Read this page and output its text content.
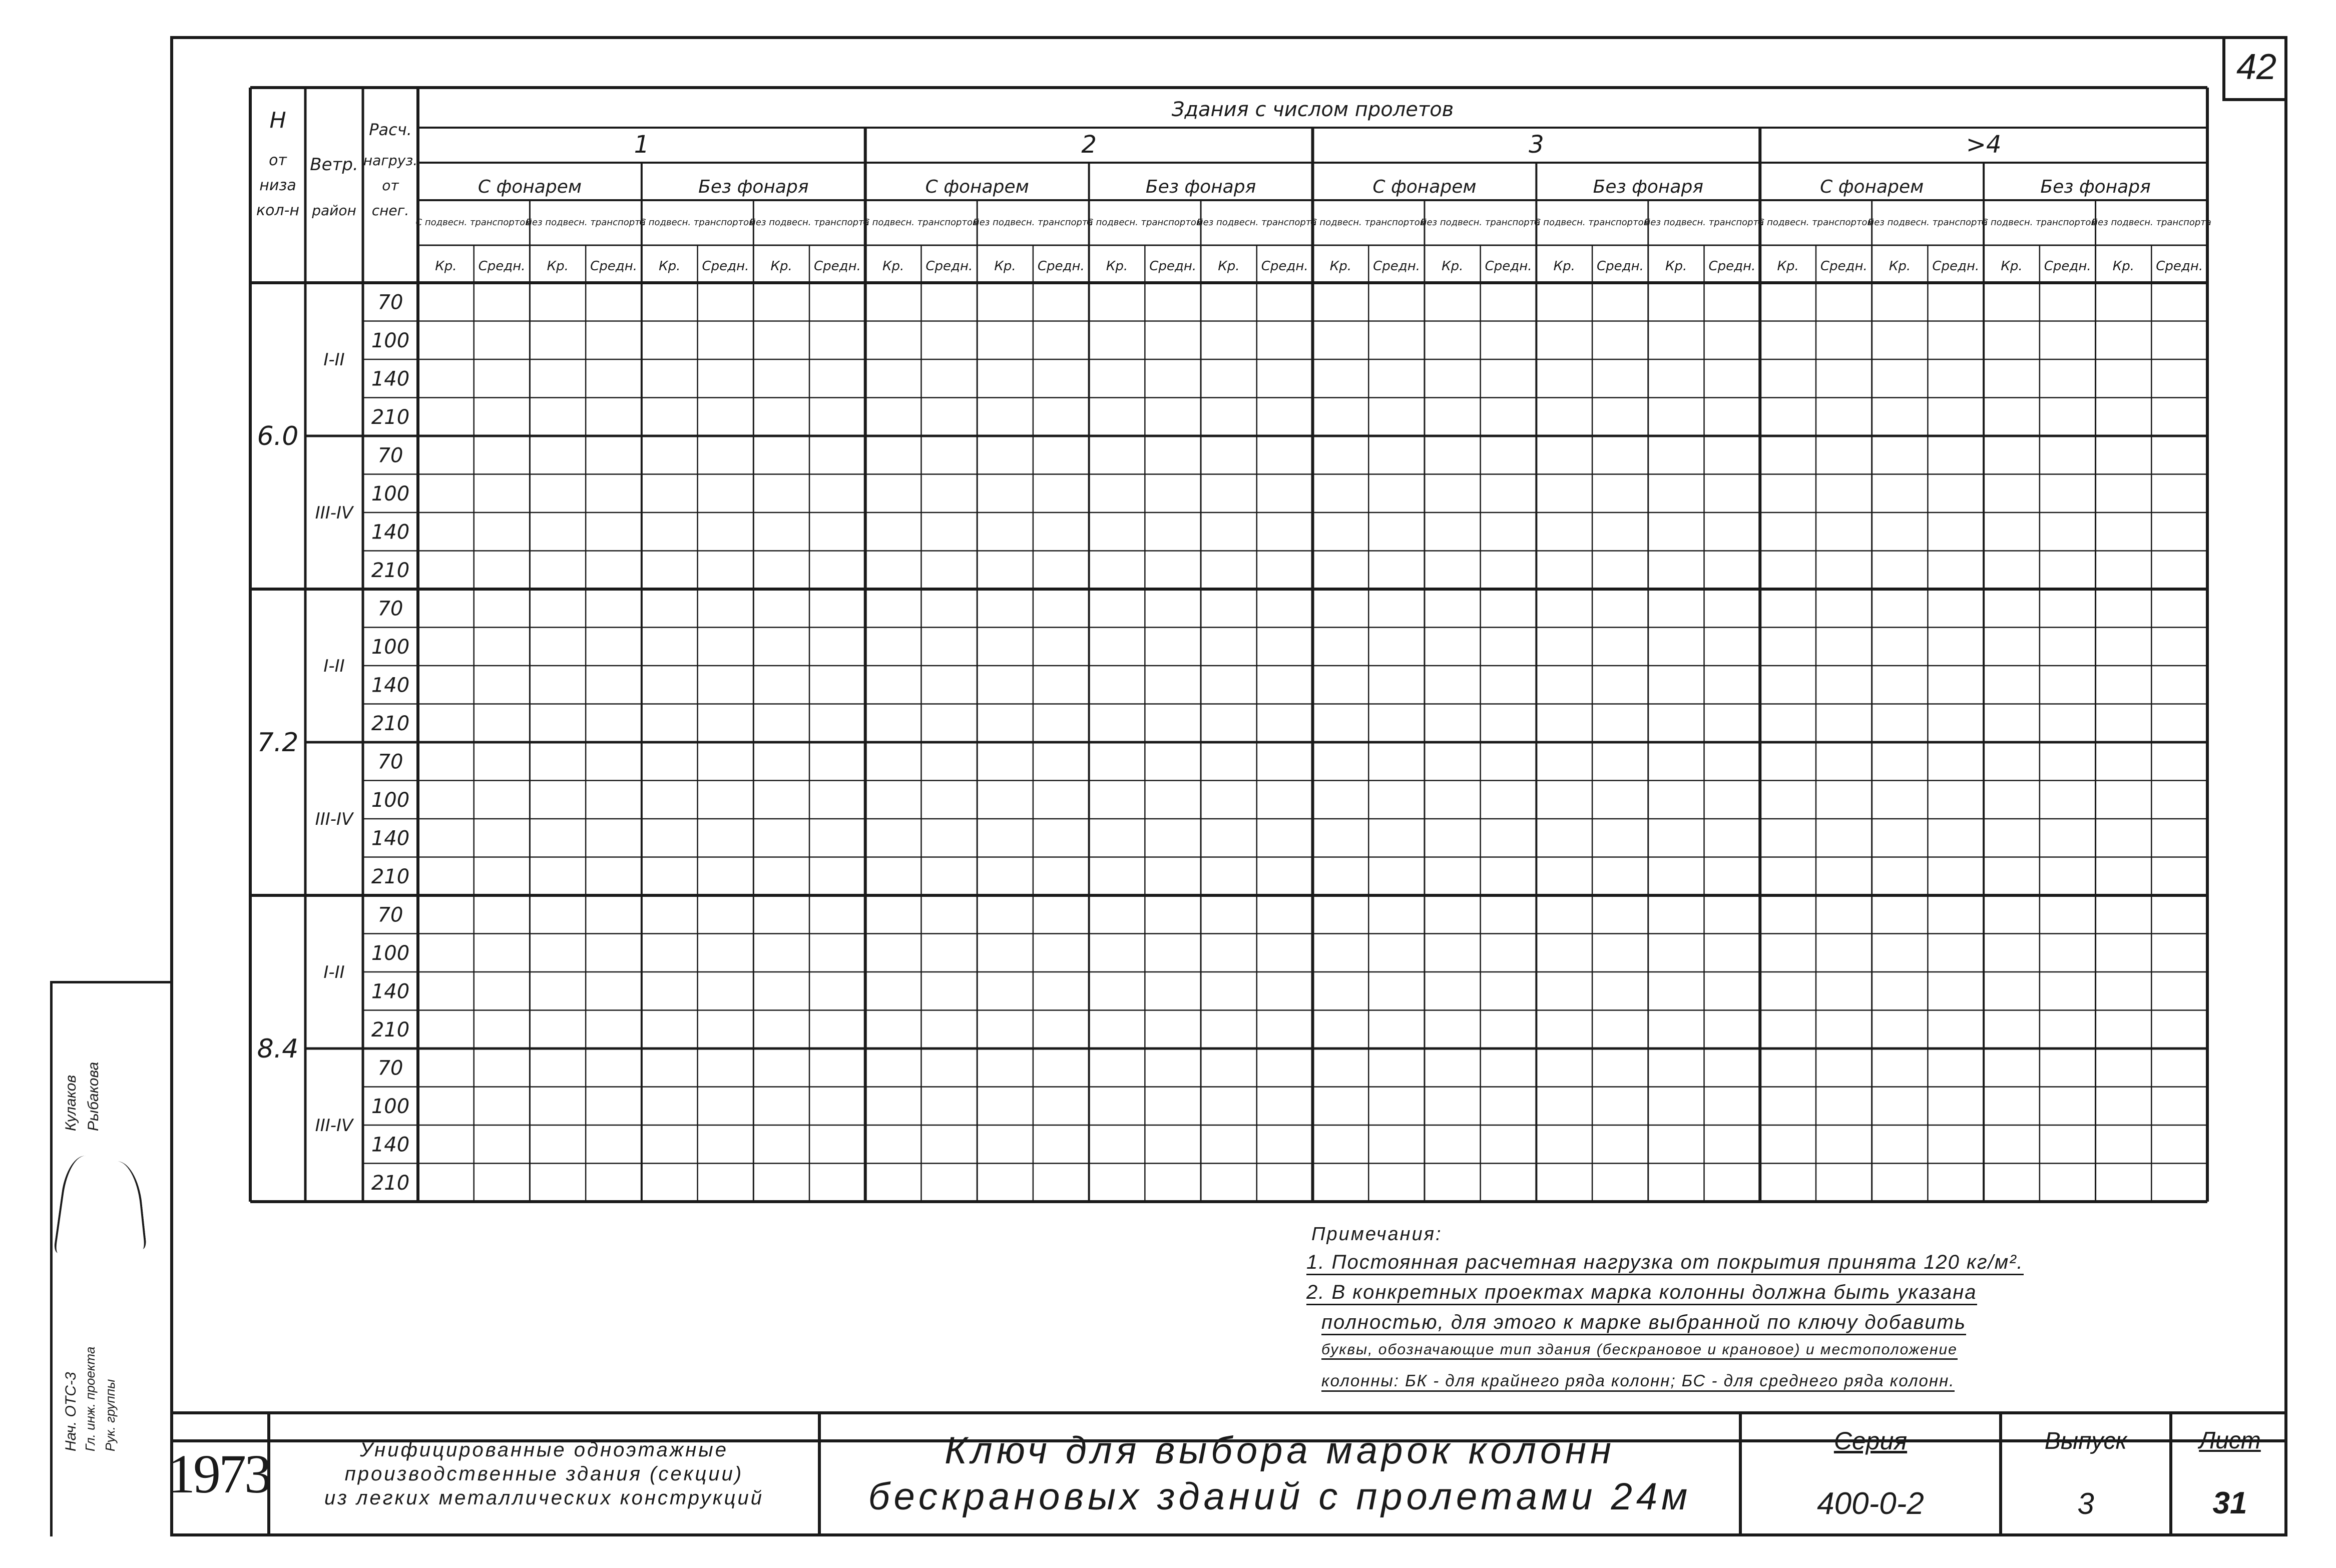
42
H
от
низа
кол-н
Ветр.
район
Расч.
нагруз.
от
снег.
Здания с числом пролетов
1
С фонарем
С подвесн. транспортом
Кр. Средн.
Без подвесн. транспорта
Кр. Средн.
Без фонаря
С подвесн. транспортом
Кр. Средн.
Без подвесн. транспорта
Кр. Средн.
2
С фонарем
С подвесн. транспортом
Кр. Средн.
Без подвесн. транспорта
Кр. Средн.
Без фонаря
С подвесн. транспортом
Кр. Средн.
Без подвесн. транспорта
Кр. Средн.
3
С фонарем
С подвесн. транспортом
Кр. Средн.
Без подвесн. транспорта
Кр. Средн.
Без фонаря
С подвесн. транспортом
Кр. Средн.
Без подвесн. транспорта
Кр. Средн.
>4
С фонарем
С подвесн. транспортом
Кр. Средн.
Без подвесн. транспорта
Кр. Средн.
Без фонаря
С подвесн. транспортом
Кр. Средн.
Без подвесн. транспорта
Кр. Средн.
6.0
I-II
70
100
140
210
III-IV
70
100
140
210
7.2
I-II
70
100
140
210
III-IV
70
100
140
210
8.4
I-II
70
100
140
210
III-IV
70
100
140
210
Примечания:
1. Постоянная расчетная нагрузка от покрытия принята 120 кг/м².
2. В конкретных проектах марка колонны должна быть указана
полностью, для этого к марке выбранной по ключу добавить
буквы, обозначающие тип здания (бескрановое и крановое) и местоположение
колонны: БК - для крайнего ряда колонн; БС - для среднего ряда колонн.
1973	Унифицированные одноэтажные
производственные здания (секции)
из легких металлических конструкций
Ключ для выбора марок колонн
бескрановых зданий с пролетами 24м
Серия
400-0-2
Выпуск
3
Лист
31
Нач. ОТС-3 Гл. инж. проекта Рук. группы
Кулаков Рыбакова
